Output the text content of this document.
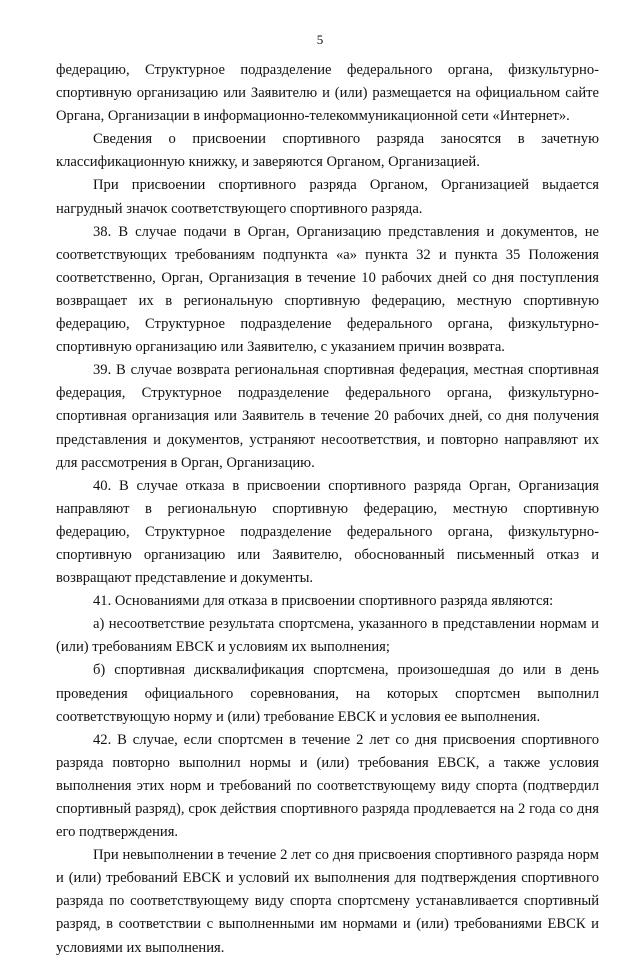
5

федерацию, Структурное подразделение федерального органа, физкультурно-спортивную организацию или Заявителю и (или) размещается на официальном сайте Органа, Организации в информационно-телекоммуникационной сети «Интернет».

Сведения о присвоении спортивного разряда заносятся в зачетную классификационную книжку, и заверяются Органом, Организацией.

При присвоении спортивного разряда Органом, Организацией выдается нагрудный значок соответствующего спортивного разряда.

38. В случае подачи в Орган, Организацию представления и документов, не соответствующих требованиям подпункта «а» пункта 32 и пункта 35 Положения соответственно, Орган, Организация в течение 10 рабочих дней со дня поступления возвращает их в региональную спортивную федерацию, местную спортивную федерацию, Структурное подразделение федерального органа, физкультурно-спортивную организацию или Заявителю, с указанием причин возврата.

39. В случае возврата региональная спортивная федерация, местная спортивная федерация, Структурное подразделение федерального органа, физкультурно-спортивная организация или Заявитель в течение 20 рабочих дней, со дня получения представления и документов, устраняют несоответствия, и повторно направляют их для рассмотрения в Орган, Организацию.

40. В случае отказа в присвоении спортивного разряда Орган, Организация направляют в региональную спортивную федерацию, местную спортивную федерацию, Структурное подразделение федерального органа, физкультурно-спортивную организацию или Заявителю, обоснованный письменный отказ и возвращают представление и документы.

41. Основаниями для отказа в присвоении спортивного разряда являются:

а) несоответствие результата спортсмена, указанного в представлении нормам и (или) требованиям ЕВСК и условиям их выполнения;

б) спортивная дисквалификация спортсмена, произошедшая до или в день проведения официального соревнования, на которых спортсмен выполнил соответствующую норму и (или) требование ЕВСК и условия ее выполнения.

42. В случае, если спортсмен в течение 2 лет со дня присвоения спортивного разряда повторно выполнил нормы и (или) требования ЕВСК, а также условия выполнения этих норм и требований по соответствующему виду спорта (подтвердил спортивный разряд), срок действия спортивного разряда продлевается на 2 года со дня его подтверждения.

При невыполнении в течение 2 лет со дня присвоения спортивного разряда норм и (или) требований ЕВСК и условий их выполнения для подтверждения спортивного разряда по соответствующему виду спорта спортсмену устанавливается спортивный разряд, в соответствии с выполненными им нормами и (или) требованиями ЕВСК и условиями их выполнения.
